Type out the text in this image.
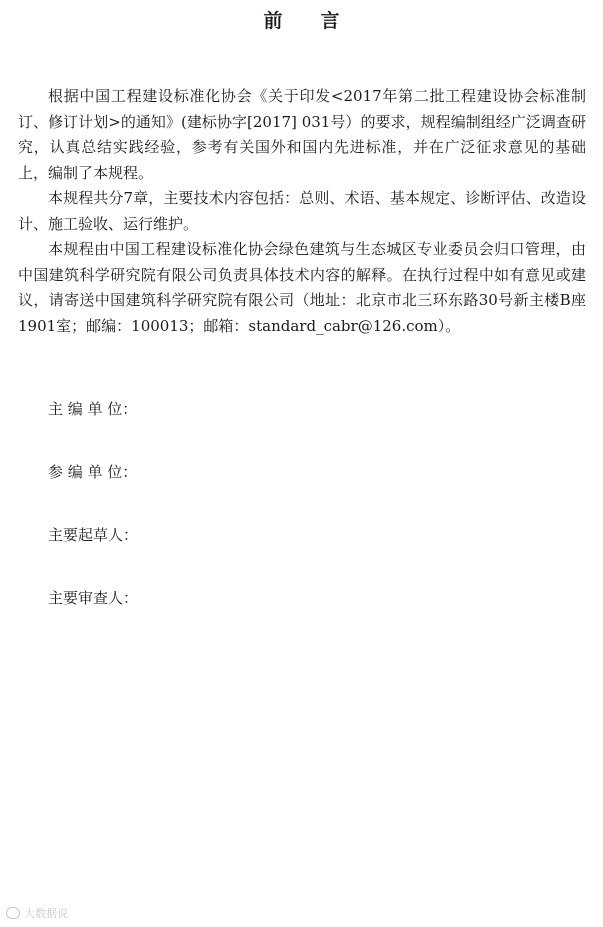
前 言

根据中国工程建设标准化协会《关于印发<2017年第二批工程建设协会标准制订、修订计划>的通知》(建标协字[2017] 031号）的要求，规程编制组经广泛调查研究，认真总结实践经验，参考有关国外和国内先进标准，并在广泛征求意见的基础上，编制了本规程。

本规程共分7章，主要技术内容包括：总则、术语、基本规定、诊断评估、改造设计、施工验收、运行维护。

本规程由中国工程建设标准化协会绿色建筑与生态城区专业委员会归口管理，由中国建筑科学研究院有限公司负责具体技术内容的解释。在执行过程中如有意见或建议，请寄送中国建筑科学研究院有限公司（地址：北京市北三环东路30号新主楼B座1901室；邮编：100013；邮箱：standard_cabr@126.com）。

主 编 单 位：
参 编 单 位：
主要起草人：
主要审查人：
大数据说
